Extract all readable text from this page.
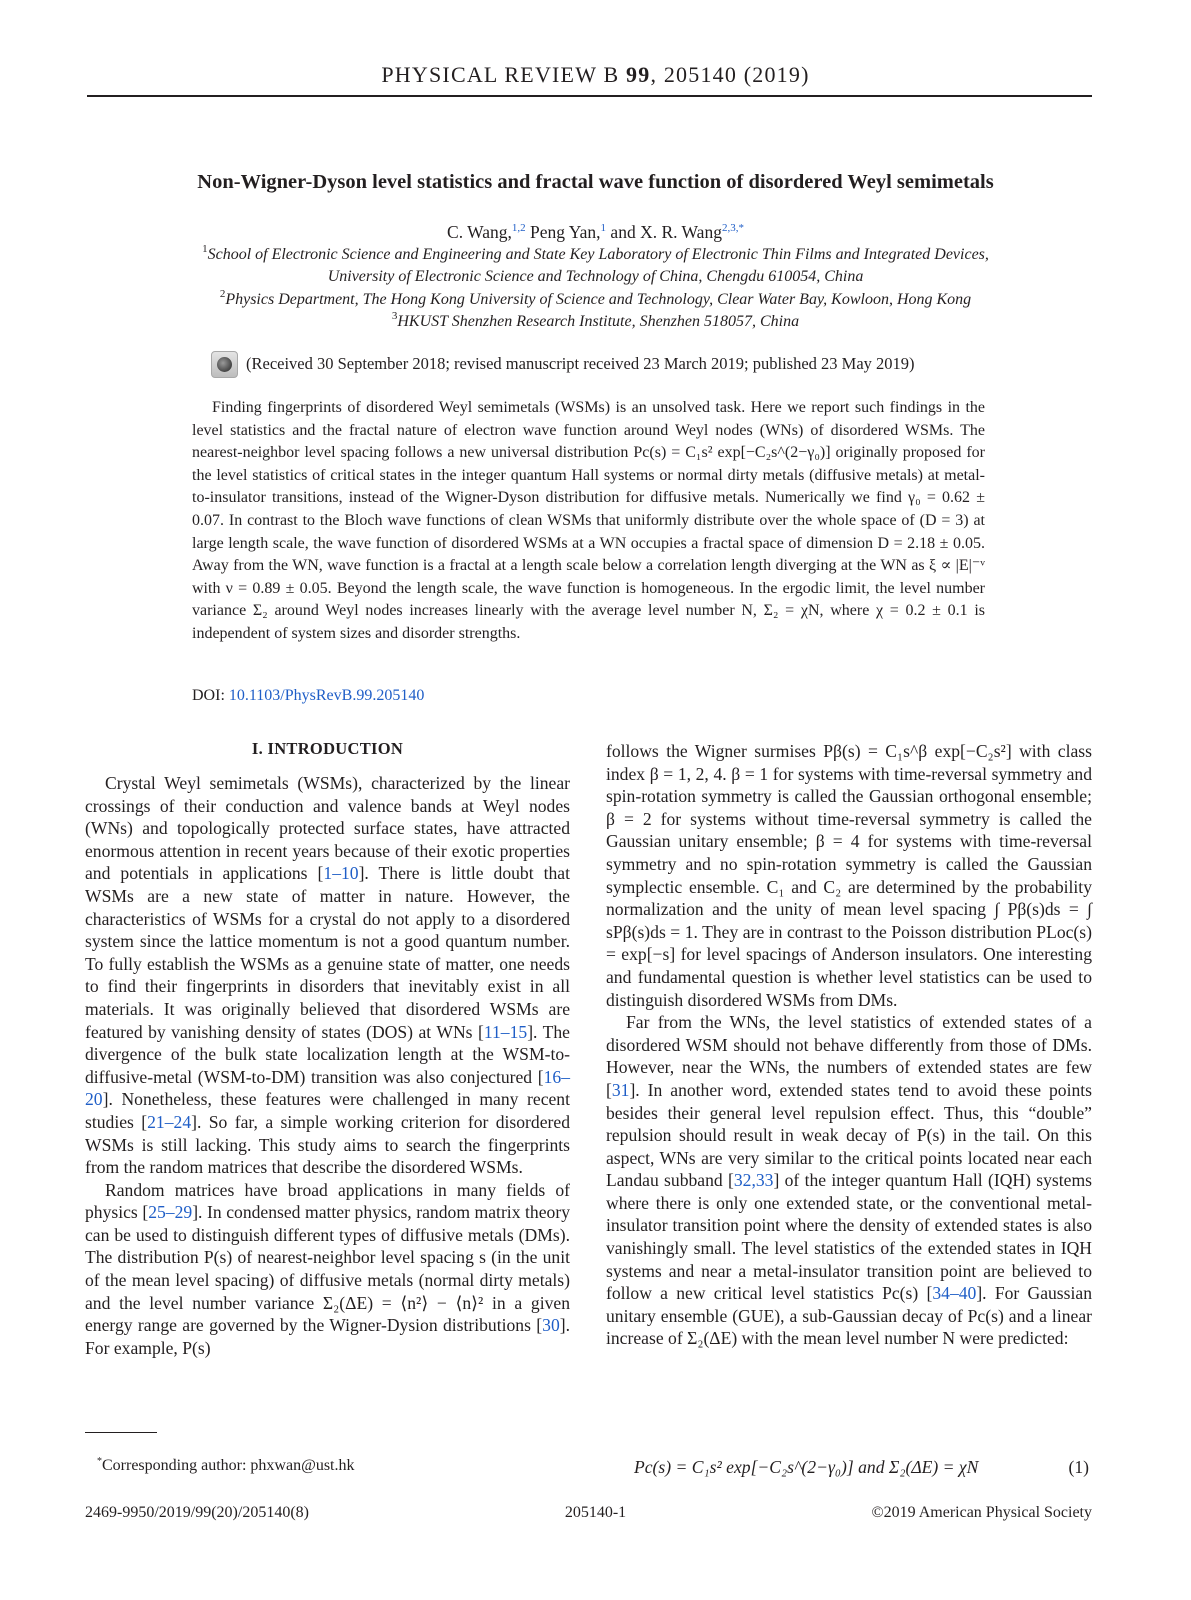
PHYSICAL REVIEW B 99, 205140 (2019)
Non-Wigner-Dyson level statistics and fractal wave function of disordered Weyl semimetals
C. Wang,$^{1,2}$ Peng Yan,$^1$ and X. R. Wang$^{2,3,*}$
$^1$School of Electronic Science and Engineering and State Key Laboratory of Electronic Thin Films and Integrated Devices,
University of Electronic Science and Technology of China, Chengdu 610054, China
$^2$Physics Department, The Hong Kong University of Science and Technology, Clear Water Bay, Kowloon, Hong Kong
$^3$HKUST Shenzhen Research Institute, Shenzhen 518057, China
(Received 30 September 2018; revised manuscript received 23 March 2019; published 23 May 2019)
Finding fingerprints of disordered Weyl semimetals (WSMs) is an unsolved task. Here we report such findings in the level statistics and the fractal nature of electron wave function around Weyl nodes (WNs) of disordered WSMs. The nearest-neighbor level spacing follows a new universal distribution Pc(s) = C₁s² exp[−C₂s^(2−γ₀)] originally proposed for the level statistics of critical states in the integer quantum Hall systems or normal dirty metals (diffusive metals) at metal-to-insulator transitions, instead of the Wigner-Dyson distribution for diffusive metals. Numerically we find γ₀ = 0.62 ± 0.07. In contrast to the Bloch wave functions of clean WSMs that uniformly distribute over the whole space of (D = 3) at large length scale, the wave function of disordered WSMs at a WN occupies a fractal space of dimension D = 2.18 ± 0.05. Away from the WN, wave function is a fractal at a length scale below a correlation length diverging at the WN as ξ ∝ |E|⁻ᵛ with ν = 0.89 ± 0.05. Beyond the length scale, the wave function is homogeneous. In the ergodic limit, the level number variance Σ₂ around Weyl nodes increases linearly with the average level number N, Σ₂ = χN, where χ = 0.2 ± 0.1 is independent of system sizes and disorder strengths.
DOI: 10.1103/PhysRevB.99.205140
I. INTRODUCTION

Crystal Weyl semimetals (WSMs), characterized by the linear crossings of their conduction and valence bands at Weyl nodes (WNs) and topologically protected surface states, have attracted enormous attention in recent years because of their exotic properties and potentials in applications [1–10]. There is little doubt that WSMs are a new state of matter in nature. However, the characteristics of WSMs for a crystal do not apply to a disordered system since the lattice momentum is not a good quantum number. To fully establish the WSMs as a genuine state of matter, one needs to find their fingerprints in disorders that inevitably exist in all materials. It was originally believed that disordered WSMs are featured by vanishing density of states (DOS) at WNs [11–15]. The divergence of the bulk state localization length at the WSM-to-diffusive-metal (WSM-to-DM) transition was also conjectured [16–20]. Nonetheless, these features were challenged in many recent studies [21–24]. So far, a simple working criterion for disordered WSMs is still lacking. This study aims to search the fingerprints from the random matrices that describe the disordered WSMs.

Random matrices have broad applications in many fields of physics [25–29]. In condensed matter physics, random matrix theory can be used to distinguish different types of diffusive metals (DMs). The distribution P(s) of nearest-neighbor level spacing s (in the unit of the mean level spacing) of diffusive metals (normal dirty metals) and the level number variance Σ₂(ΔE) = ⟨n²⟩ − ⟨n⟩² in a given energy range are governed by the Wigner-Dysion distributions [30]. For example, P(s)

follows the Wigner surmises Pβ(s) = C₁s^β exp[−C₂s²] with class index β = 1, 2, 4. β = 1 for systems with time-reversal symmetry and spin-rotation symmetry is called the Gaussian orthogonal ensemble; β = 2 for systems without time-reversal symmetry is called the Gaussian unitary ensemble; β = 4 for systems with time-reversal symmetry and no spin-rotation symmetry is called the Gaussian symplectic ensemble. C₁ and C₂ are determined by the probability normalization and the unity of mean level spacing ∫ Pβ(s)ds = ∫ sPβ(s)ds = 1. They are in contrast to the Poisson distribution PLoc(s) = exp[−s] for level spacings of Anderson insulators. One interesting and fundamental question is whether level statistics can be used to distinguish disordered WSMs from DMs.

Far from the WNs, the level statistics of extended states of a disordered WSM should not behave differently from those of DMs. However, near the WNs, the numbers of extended states are few [31]. In another word, extended states tend to avoid these points besides their general level repulsion effect. Thus, this “double” repulsion should result in weak decay of P(s) in the tail. On this aspect, WNs are very similar to the critical points located near each Landau subband [32,33] of the integer quantum Hall (IQH) systems where there is only one extended state, or the conventional metal-insulator transition point where the density of extended states is also vanishingly small. The level statistics of the extended states in IQH systems and near a metal-insulator transition point are believed to follow a new critical level statistics Pc(s) [34–40]. For Gaussian unitary ensemble (GUE), a sub-Gaussian decay of Pc(s) and a linear increase of Σ₂(ΔE) with the mean level number N were predicted:

*Corresponding author: phxwan@ust.hk	Pc(s) = C₁s² exp[−C₂s^(2−γ₀)] and Σ₂(ΔE) = χN	(1)
2469-9950/2019/99(20)/205140(8)	205140-1	©2019 American Physical Society
